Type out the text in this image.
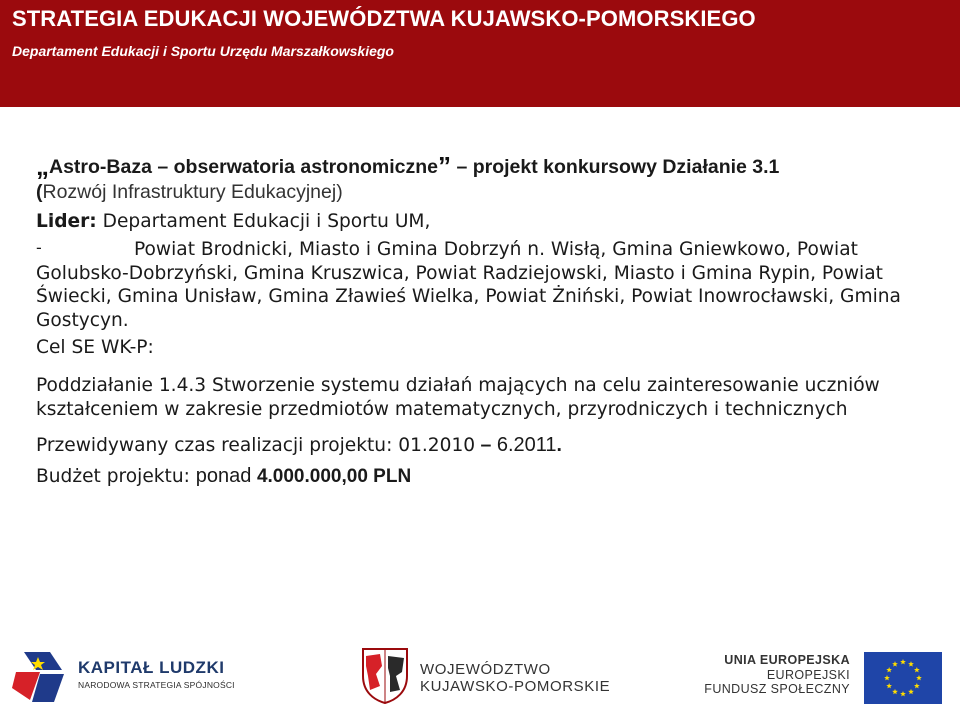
STRATEGIA EDUKACJI WOJEWÓDZTWA KUJAWSKO-POMORSKIEGO
Departament Edukacji i Sportu Urzędu Marszałkowskiego
„Astro-Baza – obserwatoria astronomiczne” – projekt konkursowy Działanie 3.1
(Rozwój Infrastruktury Edukacyjnej)
Lider: Departament Edukacji i Sportu UM,
-	Powiat Brodnicki, Miasto i Gmina Dobrzyń n. Wisłą, Gmina Gniewkowo, Powiat Golubsko-Dobrzyński, Gmina Kruszwica, Powiat Radziejowski, Miasto i Gmina Rypin, Powiat Świecki, Gmina Unisław, Gmina Zławieś Wielka, Powiat Żniński, Powiat Inowrocławski, Gmina Gostycyn.
Cel SE WK-P:
Poddziałanie 1.4.3 Stworzenie systemu działań mających na celu zainteresowanie uczniów kształceniem w zakresie przedmiotów matematycznych, przyrodniczych i technicznych
Przewidywany czas realizacji projektu: 01.2010 – 6.2011.
Budżet projektu: ponad 4.000.000,00 PLN
KAPITAŁ LUDZKI
NARODOWA STRATEGIA SPÓJNOŚCI
WOJEWÓDZTWO
KUJAWSKO-POMORSKIE
UNIA EUROPEJSKA
EUROPEJSKI
FUNDUSZ SPOŁECZNY
